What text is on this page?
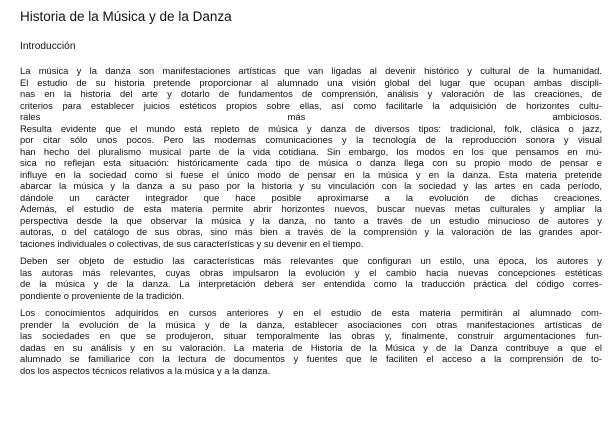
Historia de la Música y de la Danza
Introducción
La música y la danza son manifestaciones artísticas que van ligadas al devenir histórico y cultural de la humanidad.
El estudio de su historia pretende proporcionar al alumnado una visión global del lugar que ocupan ambas discipli-
nas en la historia del arte y dotarlo de fundamentos de comprensión, análisis y valoración de las creaciones, de
criterios para establecer juicios estéticos propios sobre ellas, así como facilitarle la adquisición de horizontes cultu-
rales más ambiciosos.
Resulta evidente que el mundo está repleto de música y danza de diversos tipos: tradicional, folk, clásica o jazz,
por citar sólo unos pocos. Pero las modernas comunicaciones y la tecnología de la reproducción sonora y visual
han hecho del pluralismo musical parte de la vida cotidiana. Sin embargo, los modos en los que pensamos en mú-
sica no reflejan esta situación: históricamente cada tipo de música o danza llega con su propio modo de pensar e
influye en la sociedad como si fuese el único modo de pensar en la música y en la danza. Esta materia pretende
abarcar la música y la danza a su paso por la historia y su vinculación con la sociedad y las artes en cada período,
dándole un carácter integrador que hace posible aproximarse a la evolución de dichas creaciones.
Además, el estudio de esta materia permite abrir horizontes nuevos, buscar nuevas metas culturales y ampliar la
perspectiva desde la que observar la música y la danza, no tanto a través de un estudio minucioso de autores y
autoras, o del catálogo de sus obras, sino más bien a través de la comprensión y la valoración de las grandes apor-
taciones individuales o colectivas, de sus características y su devenir en el tiempo.
Deben ser objeto de estudio las características más relevantes que configuran un estilo, una época, los autores y
las autoras más relevantes, cuyas obras impulsaron la evolución y el cambio hacia nuevas concepciones estéticas
de la música y de la danza. La interpretación deberá ser entendida como la traducción práctica del código corres-
pondiente o proveniente de la tradición.
Los conocimientos adquiridos en cursos anteriores y en el estudio de esta materia permitirán al alumnado com-
prender la evolución de la música y de la danza, establecer asociaciones con otras manifestaciones artísticas de
las sociedades en que se produjeron, situar temporalmente las obras y, finalmente, construir argumentaciones fun-
dadas en su análisis y en su valoración. La materia de Historia de la Música y de la Danza contribuye a que el
alumnado se familiarice con la lectura de documentos y fuentes que le faciliten el acceso a la comprensión de to-
dos los aspectos técnicos relativos a la música y a la danza.
